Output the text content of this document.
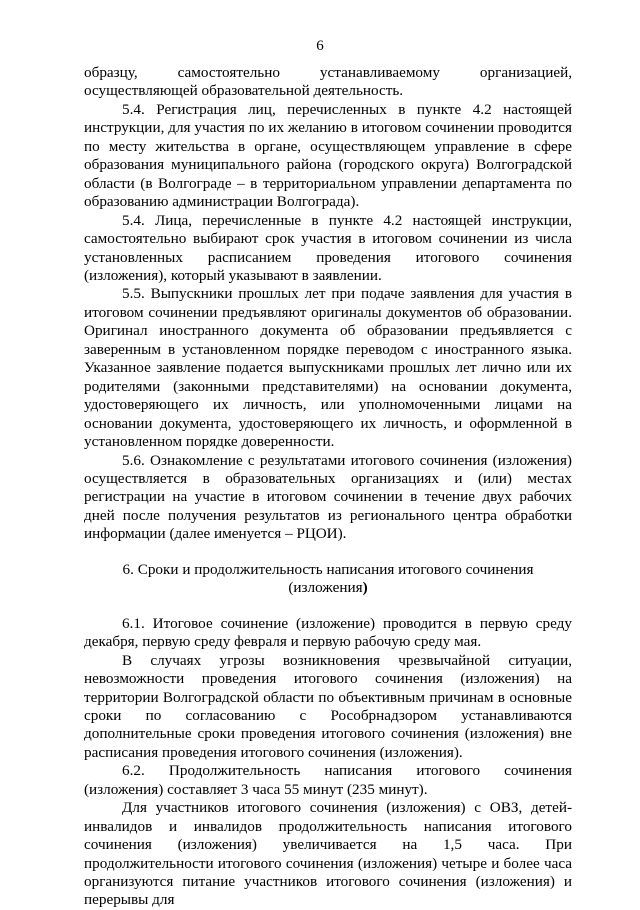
6

образцу, самостоятельно устанавливаемому организацией, осуществляющей образовательной деятельность.

5.4. Регистрация лиц, перечисленных в пункте 4.2 настоящей инструкции, для участия по их желанию в итоговом сочинении проводится по месту жительства в органе, осуществляющем управление в сфере образования муниципального района (городского округа) Волгоградской области (в Волгограде – в территориальном управлении департамента по образованию администрации Волгограда).

5.4. Лица, перечисленные в пункте 4.2 настоящей инструкции, самостоятельно выбирают срок участия в итоговом сочинении из числа установленных расписанием проведения итогового сочинения (изложения), который указывают в заявлении.

5.5. Выпускники прошлых лет при подаче заявления для участия в итоговом сочинении предъявляют оригиналы документов об образовании. Оригинал иностранного документа об образовании предъявляется с заверенным в установленном порядке переводом с иностранного языка. Указанное заявление подается выпускниками прошлых лет лично или их родителями (законными представителями) на основании документа, удостоверяющего их личность, или уполномоченными лицами на основании документа, удостоверяющего их личность, и оформленной в установленном порядке доверенности.

5.6. Ознакомление с результатами итогового сочинения (изложения) осуществляется в образовательных организациях и (или) местах регистрации на участие в итоговом сочинении в течение двух рабочих дней после получения результатов из регионального центра обработки информации (далее именуется – РЦОИ).

6. Сроки и продолжительность написания итогового сочинения
(изложения)

6.1. Итоговое сочинение (изложение) проводится в первую среду декабря, первую среду февраля и первую рабочую среду мая.

В случаях угрозы возникновения чрезвычайной ситуации, невозможности проведения итогового сочинения (изложения) на территории Волгоградской области по объективным причинам в основные сроки по согласованию с Рособрнадзором устанавливаются дополнительные сроки проведения итогового сочинения (изложения) вне расписания проведения итогового сочинения (изложения).

6.2. Продолжительность написания итогового сочинения (изложения) составляет 3 часа 55 минут (235 минут).

Для участников итогового сочинения (изложения) с ОВЗ, детей-инвалидов и инвалидов продолжительность написания итогового сочинения (изложения) увеличивается на 1,5 часа. При продолжительности итогового сочинения (изложения) четыре и более часа организуются питание участников итогового сочинения (изложения) и перерывы для
